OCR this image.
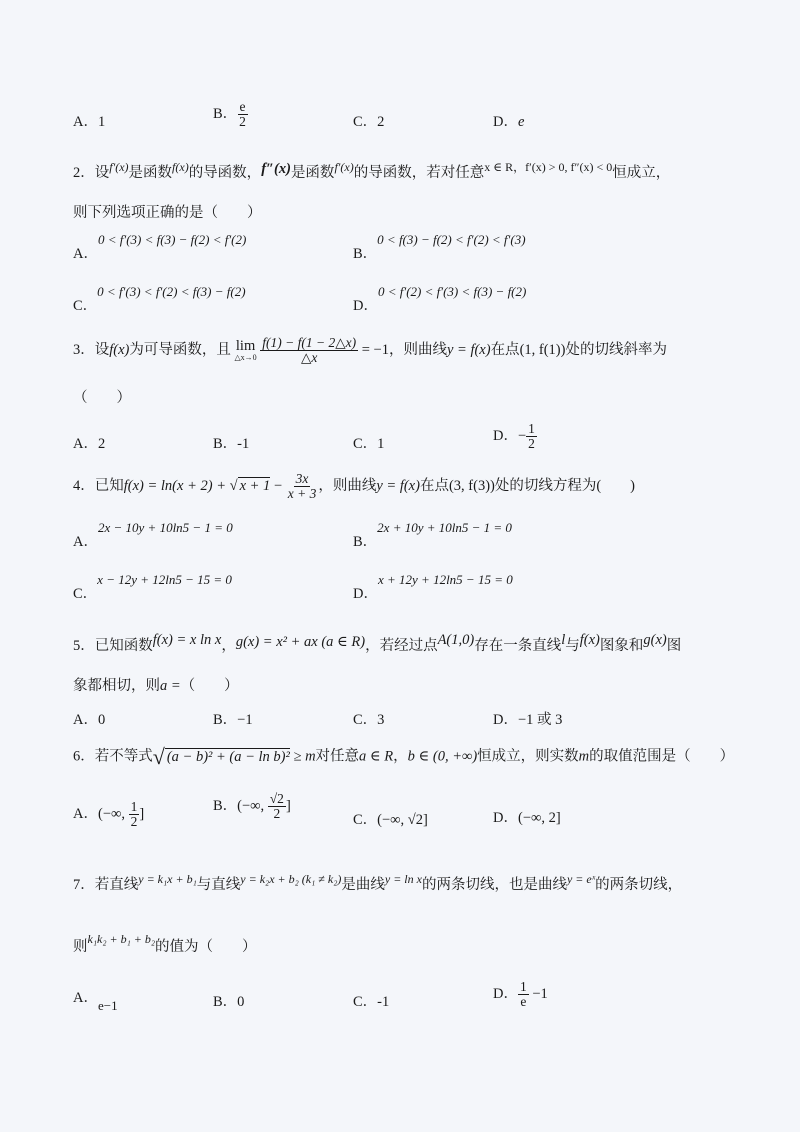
A．1	B． $\frac{e}{2}$	C．2	D．e
2．设$^{f'(x)}$是函数$^{f(x)}$的导函数，f″(x)是函数$^{f'(x)}$的导函数，若对任意$^{x \in R,f'(x) > 0, f''(x) < 0}$恒成立，
则下列选项正确的是（　　）
A．0 < f′(3) < f(3) − f(2) < f′(2)
B．0 < f(3) − f(2) < f′(2) < f′(3)
C．0 < f′(3) < f′(2) < f(3) − f(2)
D．0 < f′(2) < f′(3) < f(3) − f(2)
3．设f(x)为可导函数，且 lim
△x→0
$\frac{f(1) - f(1 - 2\triangle x)}{\triangle x} = -1$，则曲线y = f(x)在点(1, f(1))处的切线斜率为
（　　）
A．2	B．-1	C．1	D．− $\frac{1}{2}$
4．已知f(x) = ln(x + 2) + √ $x + 1 - \frac{3x}{x + 3}$ ，则曲线y = f(x)在点(3, f(3))处的切线方程为(　　)
A．2x − 10y + 10ln5 − 1 = 0
B．2x + 10y + 10ln5 − 1 = 0
C．x − 12y + 12ln5 − 15 = 0
D．x + 12y + 12ln5 − 15 = 0
5．已知函数f(x) = x ln x，g(x) = x² + ax (a ∈ R)，若经过点A(1,0)存在一条直线l与f(x)图象和g(x)图
象都相切，则a =（　　）
A．0	B．−1	C．3	D．−1 或 3
6．若不等式√ (a − b)² + (a − ln b)² ≥ m对任意a ∈ R，b ∈ (0, +∞)恒成立，则实数m的取值范围是（　　）
A．(−∞, $\frac{1}{2}$ ]	B．(−∞, $\frac{√2}{2}$ ]
C．(−∞, √2]	D．(−∞, 2]
7．若直线$^{y = k_1x + b_1}$与直线$^{y = k_2x + b_2 (k_1 \ne k_2)}$是曲线$^{y = ln x}$的两条切线，也是曲线$^{y = eˣ}$的两条切线，
则$^{k_1k_2 + b_1 + b_2}$的值为（　　）
A．e−1	B．0	C．-1	D． $\frac{1}{e} -1$
